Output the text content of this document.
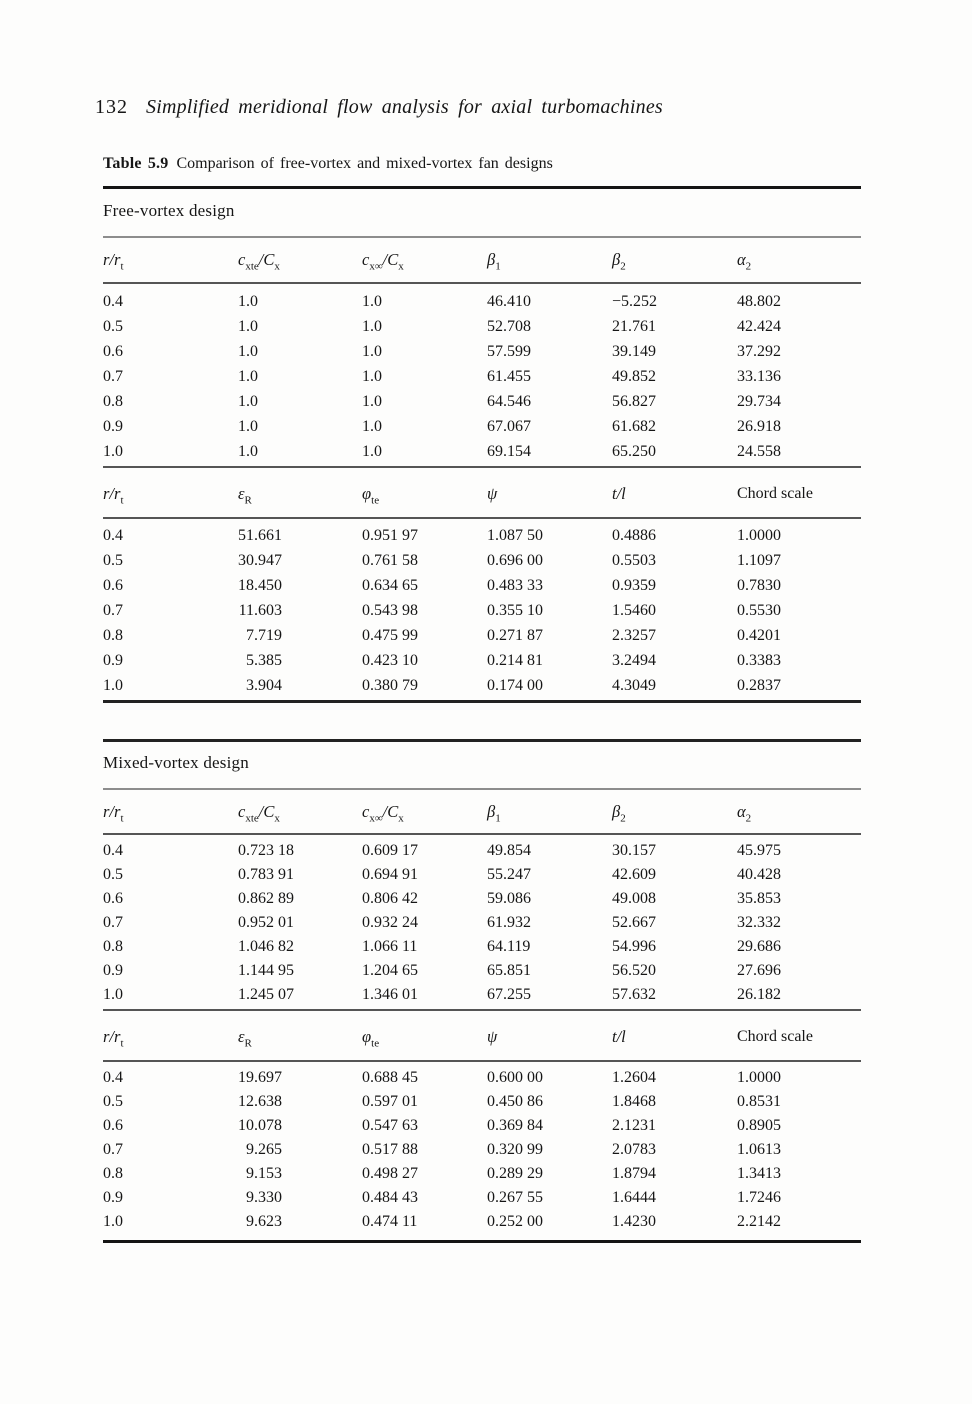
132 Simplified meridional flow analysis for axial turbomachines
Table 5.9 Comparison of free-vortex and mixed-vortex fan designs
Free-vortex design
$r/r_t$	$c_{xte}/C_x$	$c_{x\infty}/C_x$	$\beta_1$	$\beta_2$	$\alpha_2$
0.4	1.0	1.0	46.410	−5.252	48.802
0.5	1.0	1.0	52.708	21.761	42.424
0.6	1.0	1.0	57.599	39.149	37.292
0.7	1.0	1.0	61.455	49.852	33.136
0.8	1.0	1.0	64.546	56.827	29.734
0.9	1.0	1.0	67.067	61.682	26.918
1.0	1.0	1.0	69.154	65.250	24.558
$r/r_t$	$\varepsilon_R$	$\varphi_{te}$	ψ	t/l	Chord scale
0.4	51.661	0.951 97	1.087 50	0.4886	1.0000
0.5	30.947	0.761 58	0.696 00	0.5503	1.1097
0.6	18.450	0.634 65	0.483 33	0.9359	0.7830
0.7	11.603	0.543 98	0.355 10	1.5460	0.5530
0.8	7.719	0.475 99	0.271 87	2.3257	0.4201
0.9	5.385	0.423 10	0.214 81	3.2494	0.3383
1.0	3.904	0.380 79	0.174 00	4.3049	0.2837
Mixed-vortex design
$r/r_t$	$c_{xte}/C_x$	$c_{x\infty}/C_x$	$\beta_1$	$\beta_2$	$\alpha_2$
0.4	0.723 18	0.609 17	49.854	30.157	45.975
0.5	0.783 91	0.694 91	55.247	42.609	40.428
0.6	0.862 89	0.806 42	59.086	49.008	35.853
0.7	0.952 01	0.932 24	61.932	52.667	32.332
0.8	1.046 82	1.066 11	64.119	54.996	29.686
0.9	1.144 95	1.204 65	65.851	56.520	27.696
1.0	1.245 07	1.346 01	67.255	57.632	26.182
$r/r_t$	$\varepsilon_R$	$\varphi_{te}$	ψ	t/l	Chord scale
0.4	19.697	0.688 45	0.600 00	1.2604	1.0000
0.5	12.638	0.597 01	0.450 86	1.8468	0.8531
0.6	10.078	0.547 63	0.369 84	2.1231	0.8905
0.7	9.265	0.517 88	0.320 99	2.0783	1.0613
0.8	9.153	0.498 27	0.289 29	1.8794	1.3413
0.9	9.330	0.484 43	0.267 55	1.6444	1.7246
1.0	9.623	0.474 11	0.252 00	1.4230	2.2142
